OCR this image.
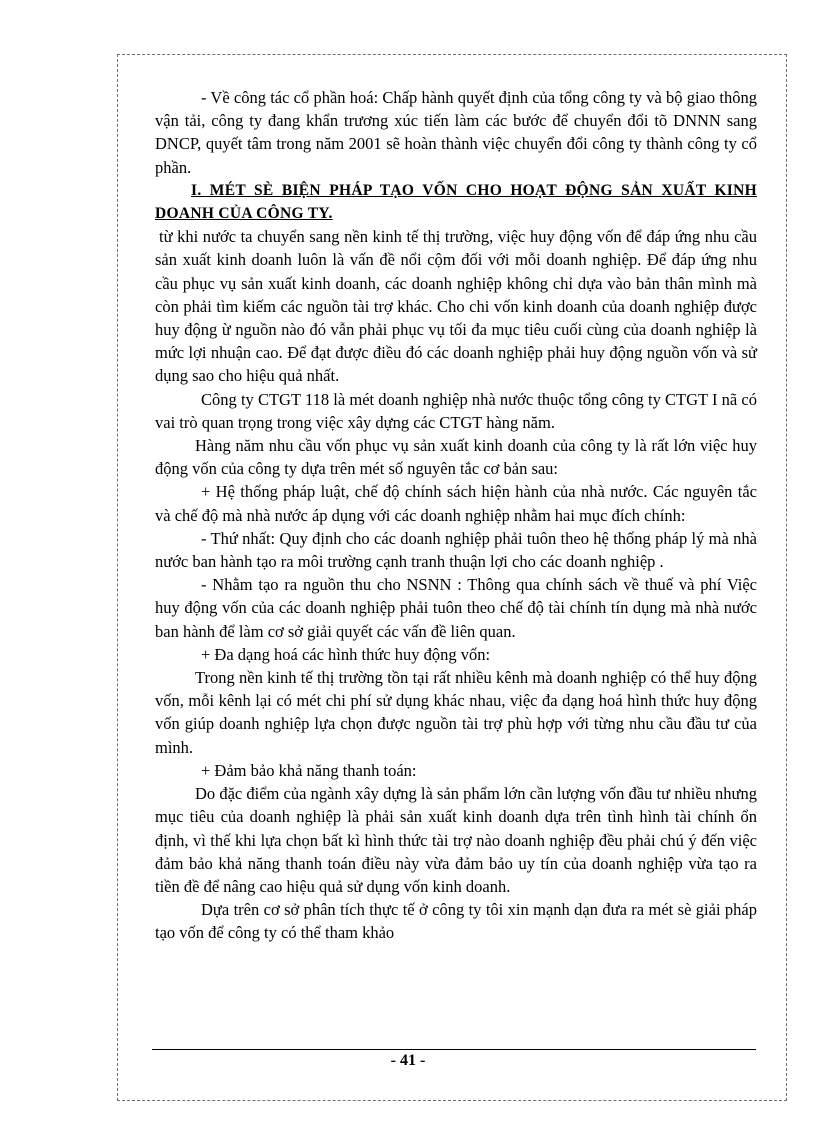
- Về công tác cổ phần hoá: Chấp hành quyết định của tổng công ty và bộ giao thông vận tải, công ty đang khẩn trương xúc tiến làm các bước để chuyển đổi tõ DNNN sang DNCP, quyết tâm trong năm 2001 sẽ hoàn thành việc chuyển đổi công ty thành công ty cổ phần.

I. MÉT SÈ BIỆN PHÁP TẠO VỐN CHO HOẠT ĐỘNG SẢN XUẤT KINH DOANH CỦA CÔNG TY.

từ khi nước ta chuyển sang nền kinh tế thị trường, việc huy động vốn để đáp ứng nhu cầu sản xuất kinh doanh luôn là vấn đề nổi cộm đối với mỗi doanh nghiệp. Để đáp ứng nhu cầu phục vụ sản xuất kinh doanh, các doanh nghiệp không chỉ dựa vào bản thân mình mà còn phải tìm kiếm các nguồn tài trợ khác. Cho chi vốn kinh doanh của doanh nghiệp được huy động ừ nguồn nào đó vẫn phải phục vụ tối đa mục tiêu cuối cùng của doanh nghiệp là mức lợi nhuận cao. Để đạt được điều đó các doanh nghiệp phải huy động nguồn vốn và sử dụng sao cho hiệu quả nhất.

Công ty CTGT 118 là mét doanh nghiệp nhà nước thuộc tổng công ty CTGT I nã có vai trò quan trọng trong việc xây dựng các CTGT hàng năm.

Hàng năm nhu cầu vốn phục vụ sản xuất kinh doanh của công ty là rất lớn việc huy động vốn của công ty dựa trên mét số nguyên tắc cơ bản sau:

+ Hệ thống pháp luật, chế độ chính sách hiện hành của nhà nước. Các nguyên tắc và chế độ mà nhà nước áp dụng với các doanh nghiệp nhằm hai mục đích chính:

- Thứ nhất: Quy định cho các doanh nghiệp phải tuôn theo hệ thống pháp lý mà nhà nước ban hành tạo ra môi trường cạnh tranh thuận lợi cho các doanh nghiệp .

- Nhằm tạo ra nguồn thu cho NSNN : Thông qua chính sách về thuế và phí Việc huy động vốn của các doanh nghiệp phải tuôn theo chế độ tài chính tín dụng mà nhà nước ban hành để làm cơ sở giải quyết các vấn đề liên quan.

+ Đa dạng hoá các hình thức huy động vốn:

Trong nền kinh tế thị trường tồn tại rất nhiều kênh mà doanh nghiệp có thể huy động vốn, mỗi kênh lại có mét chi phí sử dụng khác nhau, việc đa dạng hoá hình thức huy động vốn giúp doanh nghiệp lựa chọn được nguồn tài trợ phù hợp với từng nhu cầu đầu tư của mình.

+ Đảm bảo khả năng thanh toán:

Do đặc điểm của ngành xây dựng là sản phẩm lớn cần lượng vốn đầu tư nhiều nhưng mục tiêu của doanh nghiệp là phải sản xuất kinh doanh dựa trên tình hình tài chính ổn định, vì thế khi lựa chọn bất kì hình thức tài trợ nào doanh nghiệp đều phải chú ý đến việc đảm bảo khả năng thanh toán điều này vừa đảm bảo uy tín của doanh nghiệp vừa tạo ra tiền đề để nâng cao hiệu quả sử dụng vốn kinh doanh.

Dựa trên cơ sở phân tích thực tế ở công ty tôi xin mạnh dạn đưa ra mét sè giải pháp tạo vốn để công ty có thể tham khảo

- 41 -
